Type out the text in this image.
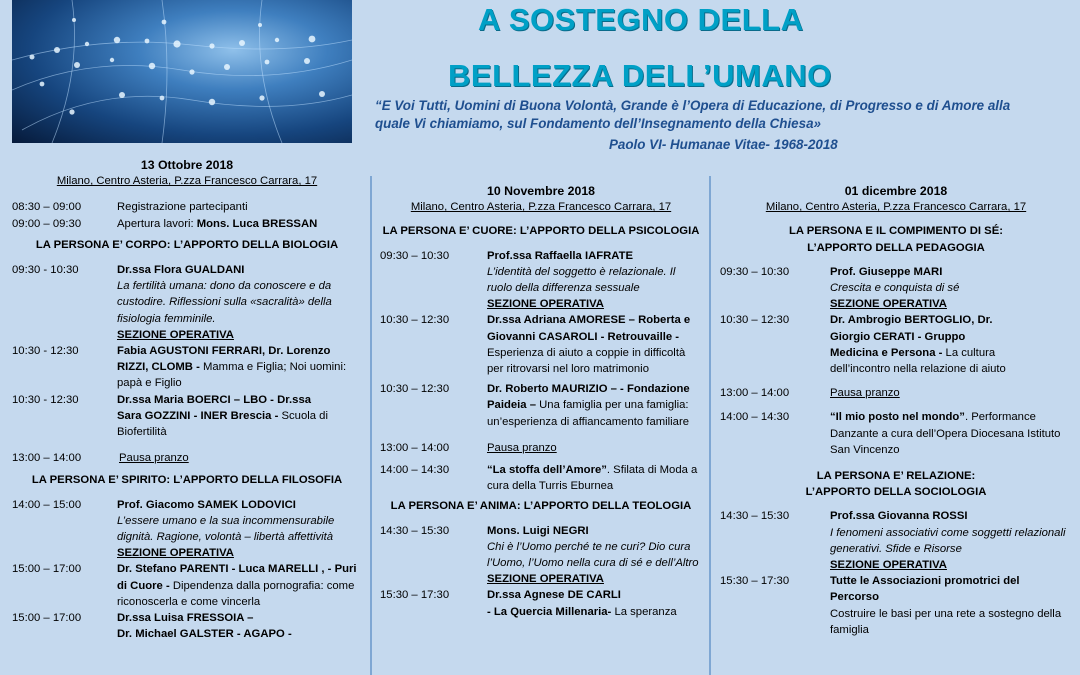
A SOSTEGNO DELLA
BELLEZZA DELL’UMANO
“E Voi Tutti, Uomini di Buona Volontà, Grande è l’Opera di Educazione, di Progresso e di Amore alla
quale Vi chiamiamo, sul Fondamento dell’Insegnamento della Chiesa»
Paolo VI- Humanae Vitae- 1968-2018
13 Ottobre 2018
Milano, Centro Asteria, P.zza Francesco Carrara, 17
08:30 – 09:00	Registrazione partecipanti
09:00 – 09:30	Apertura lavori: Mons. Luca BRESSAN
LA PERSONA E’ CORPO: L’APPORTO DELLA BIOLOGIA
09:30 - 10:30	Dr.ssa Flora GUALDANI
La fertilità umana: dono da conoscere e da custodire. Riflessioni sulla «sacralità» della fisiologia femminile.
SEZIONE OPERATIVA
10:30 - 12:30	Fabia AGUSTONI FERRARI, Dr. Lorenzo RIZZI, CLOMB - Mamma e Figlia; Noi uomini: papà e Figlio
10:30 - 12:30	Dr.ssa Maria BOERCI – LBO - Dr.ssa Sara GOZZINI - INER Brescia - Scuola di Biofertilità
13:00 – 14:00	Pausa pranzo
LA PERSONA E’ SPIRITO: L’APPORTO DELLA FILOSOFIA
14:00 – 15:00	Prof. Giacomo SAMEK LODOVICI
L’essere umano e la sua incommensurabile dignità. Ragione, volontà – libertà affettività
SEZIONE OPERATIVA
15:00 – 17:00	Dr. Stefano PARENTI - Luca MARELLI , - Puri di Cuore - Dipendenza dalla pornografia: come riconoscerla e come vincerla
15:00 – 17:00	Dr.ssa Luisa FRESSOIA –
Dr. Michael GALSTER - AGAPO -
10 Novembre 2018
Milano, Centro Asteria, P.zza Francesco Carrara, 17
LA PERSONA E’ CUORE: L’APPORTO DELLA PSICOLOGIA
09:30 – 10:30	Prof.ssa Raffaella IAFRATE
L’identità del soggetto è relazionale. Il ruolo della differenza sessuale
SEZIONE OPERATIVA
10:30 – 12:30	Dr.ssa Adriana AMORESE – Roberta e Giovanni CASAROLI - Retrouvaille - Esperienza di aiuto a coppie in difficoltà per ritrovarsi nel loro matrimonio
10:30 – 12:30	Dr. Roberto MAURIZIO – - Fondazione Paideia – Una famiglia per una famiglia: un’esperienza di affiancamento familiare
13:00 – 14:00	Pausa pranzo
14:00 – 14:30	“La stoffa dell’Amore”. Sfilata di Moda a cura della Turris Eburnea
LA PERSONA E’ ANIMA: L’APPORTO DELLA TEOLOGIA
14:30 – 15:30	Mons. Luigi NEGRI
Chi è l’Uomo perché te ne curi? Dio cura l’Uomo, l’Uomo nella cura di sé e dell’Altro
SEZIONE OPERATIVA
15:30 – 17:30	Dr.ssa Agnese DE CARLI
- La Quercia Millenaria- La speranza
01 dicembre 2018
Milano, Centro Asteria, P.zza Francesco Carrara, 17
LA PERSONA E IL COMPIMENTO DI SÉ:
L’APPORTO DELLA PEDAGOGIA
09:30 – 10:30	Prof. Giuseppe MARI
Crescita e conquista di sé
SEZIONE OPERATIVA
10:30 – 12:30	Dr. Ambrogio BERTOGLIO, Dr. Giorgio CERATI - Gruppo Medicina e Persona - La cultura dell’incontro nella relazione di aiuto
13:00 – 14:00	Pausa pranzo
14:00 – 14:30	“Il mio posto nel mondo”. Performance Danzante a cura dell’Opera Diocesana Istituto San Vincenzo
LA PERSONA E’ RELAZIONE:
L’APPORTO DELLA SOCIOLOGIA
14:30 – 15:30	Prof.ssa Giovanna ROSSI
I fenomeni associativi come soggetti relazionali generativi. Sfide e Risorse
SEZIONE OPERATIVA
15:30 – 17:30	Tutte le Associazioni promotrici del Percorso
Costruire le basi per una rete a sostegno della famiglia
